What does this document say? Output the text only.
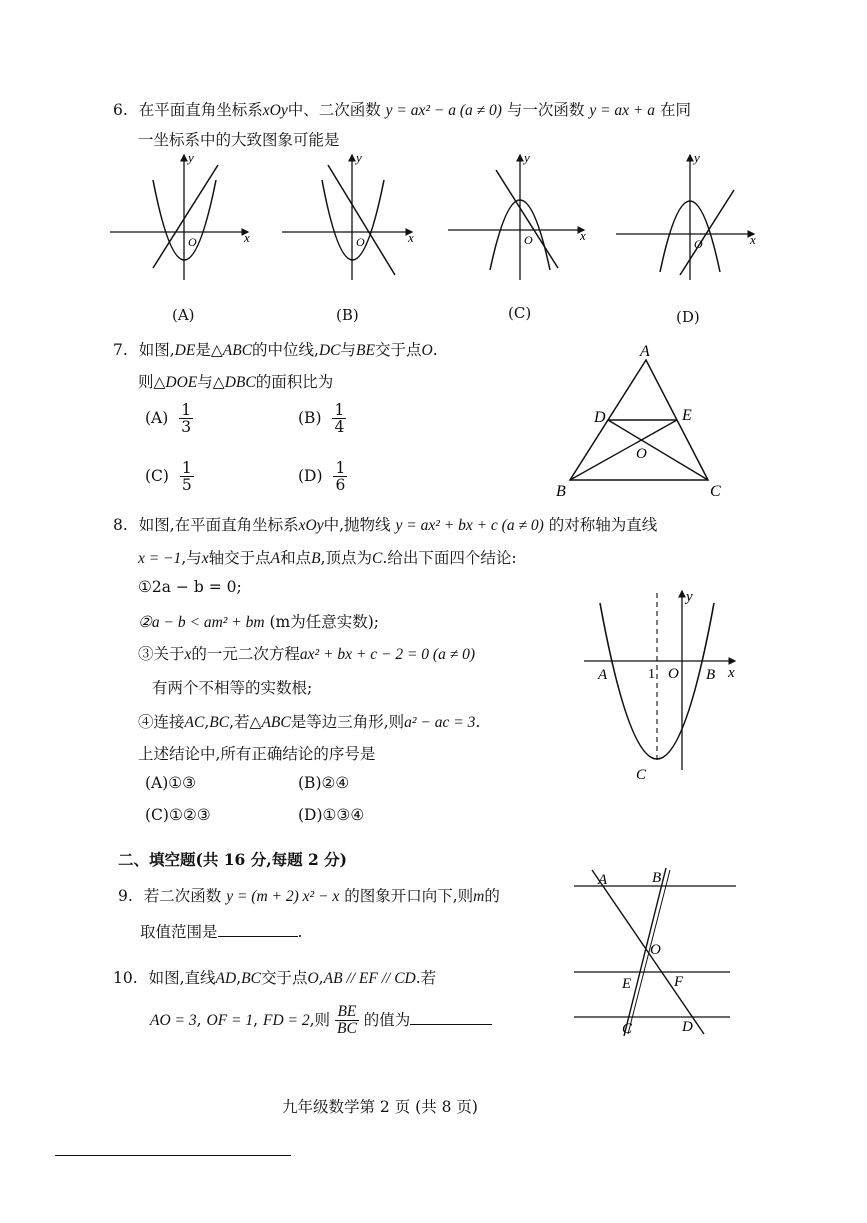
6. 在平面直角坐标系xOy中、二次函数 y = ax² − a (a ≠ 0) 与一次函数 y = ax + a 在同
一坐标系中的大致图象可能是
O	x
y
O	x
y
O	x
y
O	x
y
(A)	(B)	(C)	(D)
7. 如图,DE是△ABC的中位线,DC与BE交于点O.
则△DOE与△DBC的面积比为
$(A) \frac{1}{3}$	$(B) \frac{1}{4}$
$(C) \frac{1}{5}$	$(D) \frac{1}{6}$
A
B	C
D	E
O
8. 如图,在平面直角坐标系xOy中,抛物线 y = ax² + bx + c (a ≠ 0) 的对称轴为直线
x = −1,与x轴交于点A和点B,顶点为C.给出下面四个结论:
①2a − b = 0;
②a − b < am² + bm (m为任意实数);
③关于x的一元二次方程ax² + bx + c − 2 = 0 (a ≠ 0)
有两个不相等的实数根;
④连接AC,BC,若△ABC是等边三角形,则a² − ac = 3.
上述结论中,所有正确结论的序号是
(A)①③	(B)②④
(C)①②③	(D)①③④
y
x
A	B
C
O
1
二、填空题(共 16 分,每题 2 分)
9. 若二次函数 y = (m + 2) x² − x 的图象开口向下,则m的
取值范围是	.
10. 如图,直线AD,BC交于点O,AB // EF // CD.若
AO = 3, OF = 1, FD = 2,则 $\frac{BE}{BC}$ 的值为
A	B
O
E	F
C	D
九年级数学第 2 页 (共 8 页)
